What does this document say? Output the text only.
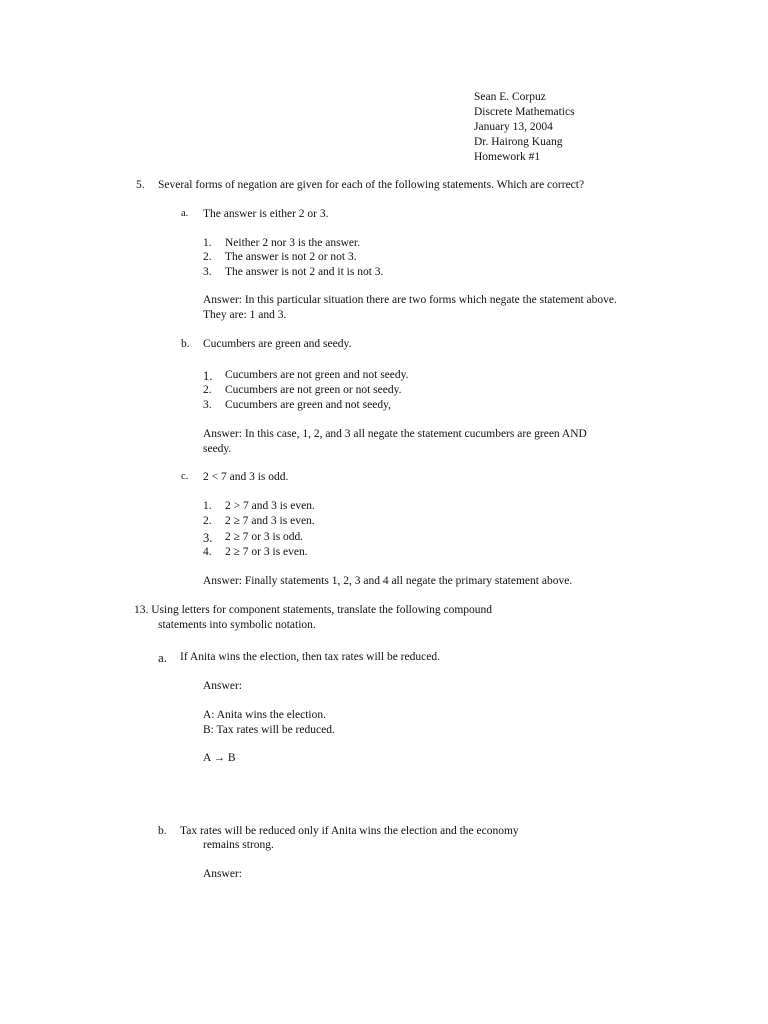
Sean E. Corpuz
Discrete Mathematics
January 13, 2004
Dr. Hairong Kuang
Homework #1
5. Several forms of negation are given for each of the following statements. Which are correct?
a. The answer is either 2 or 3.
1. Neither 2 nor 3 is the answer.
2. The answer is not 2 or not 3.
3. The answer is not 2 and it is not 3.
Answer: In this particular situation there are two forms which negate the statement above.
They are: 1 and 3.
b. Cucumbers are green and seedy.
1. Cucumbers are not green and not seedy.
2. Cucumbers are not green or not seedy.
3. Cucumbers are green and not seedy,
Answer: In this case, 1, 2, and 3 all negate the statement cucumbers are green AND
seedy.
c. 2 < 7 and 3 is odd.
1. 2 > 7 and 3 is even.
2. 2 ≥ 7 and 3 is even.
3. 2 ≥ 7 or 3 is odd.
4. 2 ≥ 7 or 3 is even.
Answer: Finally statements 1, 2, 3 and 4 all negate the primary statement above.
13. Using letters for component statements, translate the following compound
statements into symbolic notation.
a. If Anita wins the election, then tax rates will be reduced.
Answer:
A: Anita wins the election.
B: Tax rates will be reduced.
A → B
b. Tax rates will be reduced only if Anita wins the election and the economy
remains strong.
Answer:
